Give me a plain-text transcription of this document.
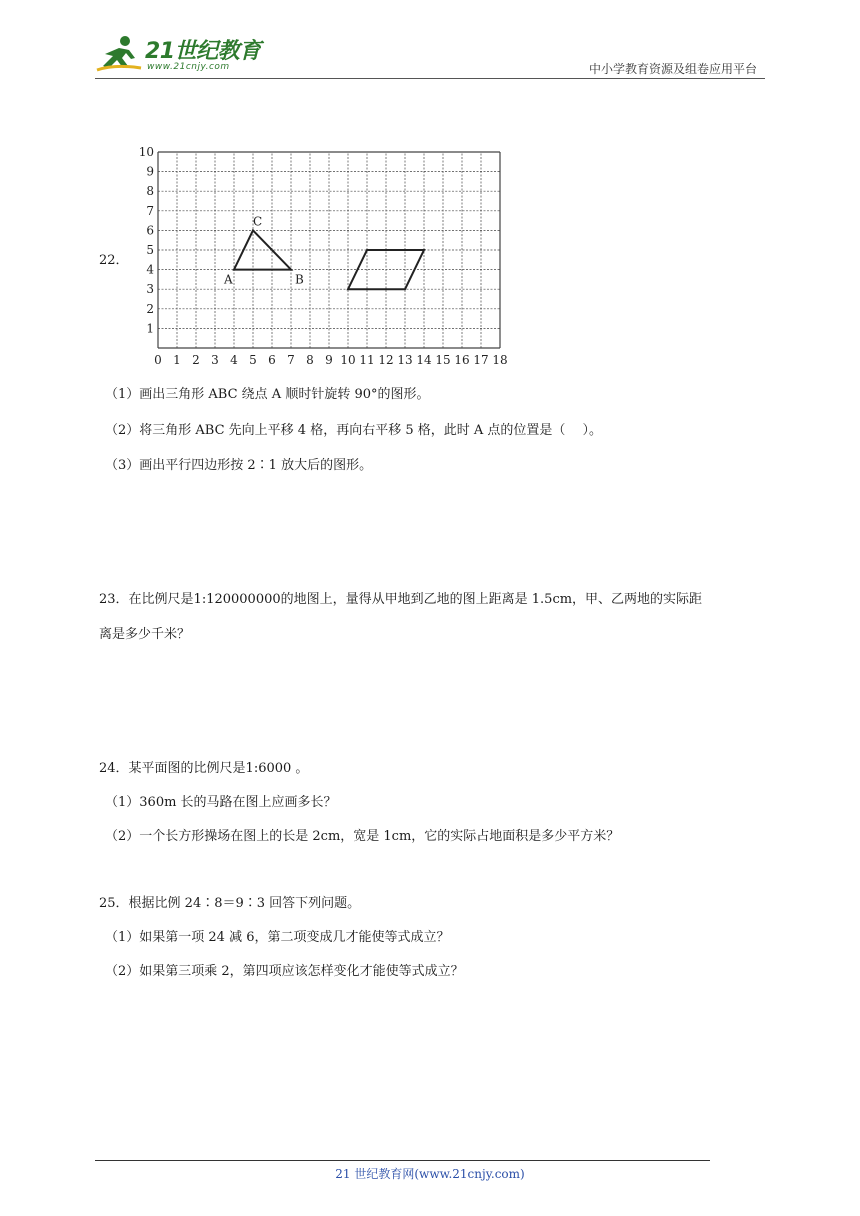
21世纪教育
www.21cnjy.com	中小学教育资源及组卷应用平台
22．
0 1 2 3 4 5 6 7 8 9 10 11 12 13 14 15 16 17 18
1
2
3
4
5
6
7
8
9
10
A	B
C
（1）画出三角形 ABC 绕点 A 顺时针旋转 90°的图形。
（2）将三角形 ABC 先向上平移 4 格，再向右平移 5 格，此时 A 点的位置是（　 ）。
（3）画出平行四边形按 2∶1 放大后的图形。
23．在比例尺是1:120000000的地图上，量得从甲地到乙地的图上距离是 1.5cm，甲、乙两地的实际距
离是多少千米？
24．某平面图的比例尺是1:6000 。
（1）360m 长的马路在图上应画多长？
（2）一个长方形操场在图上的长是 2cm，宽是 1cm，它的实际占地面积是多少平方米？
25．根据比例 24∶8＝9∶3 回答下列问题。
（1）如果第一项 24 减 6，第二项变成几才能使等式成立？
（2）如果第三项乘 2，第四项应该怎样变化才能使等式成立？
21 世纪教育网(www.21cnjy.com)
